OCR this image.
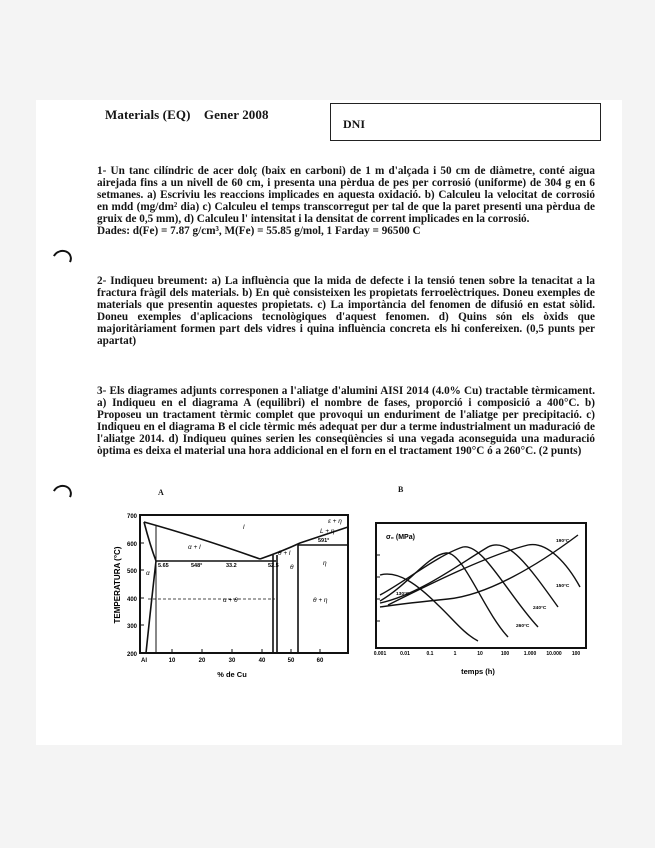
Materials (EQ) Gener 2008
DNI

1- Un tanc cilíndric de acer dolç (baix en carboni) de 1 m d'alçada i 50 cm de diàmetre, conté aigua airejada fins a un nivell de 60 cm, i presenta una pèrdua de pes per corrosió (uniforme) de 304 g en 6 setmanes. a) Escriviu les reaccions implicades en aquesta oxidació. b) Calculeu la velocitat de corrosió en mdd (mg/dm² dia) c) Calculeu el temps transcorregut per tal de que la paret presenti una pèrdua de gruix de 0,5 mm), d) Calculeu l' intensitat i la densitat de corrent implicades en la corrosió.

Dades: d(Fe) = 7.87 g/cm³, M(Fe) = 55.85 g/mol, 1 Farday = 96500 C

2- Indiqueu breument: a) La influència que la mida de defecte i la tensió tenen sobre la tenacitat a la fractura fràgil dels materials. b) En què consisteixen les propietats ferroelèctriques. Doneu exemples de materials que presentin aquestes propietats. c) La importància del fenomen de difusió en estat sòlid. Doneu exemples d'aplicacions tecnològiques d'aquest fenomen. d) Quins són els òxids que majoritàriament formen part dels vidres i quina influència concreta els hi confereixen. (0,5 punts per apartat)

3- Els diagrames adjunts corresponen a l'aliatge d'alumini AISI 2014 (4.0% Cu) tractable tèrmicament. a) Indiqueu en el diagrama A (equilibri) el nombre de fases, proporció i composició a 400°C. b) Proposeu un tractament tèrmic complet que provoqui un enduriment de l'aliatge per precipitació. c) Indiqueu en el diagrama B el cicle tèrmic més adequat per dur a terme industrialment un maduració de l'aliatge 2014. d) Indiqueu quines serien les conseqüències si una vegada aconseguida una maduració òptima es deixa el material una hora addicional en el forn en el tractament 190°C ó a 260°C. (2 punts)

A	B
700
600
500
400
300
200
Al	10	20	30	40	50	60
l
α + l
θ + l
α + θ	θ + η
θ
α
L + η
ε + η
η
591°
548°
5.65	33.2	52.5
TEMPERATURA (°C)
% de Cu
σ₀ (MPa)
0.001	0.01	0.1	1	10	100	1.000 10.000 100
190°C
150°C
260°C
240°C
130°C
temps (h)
